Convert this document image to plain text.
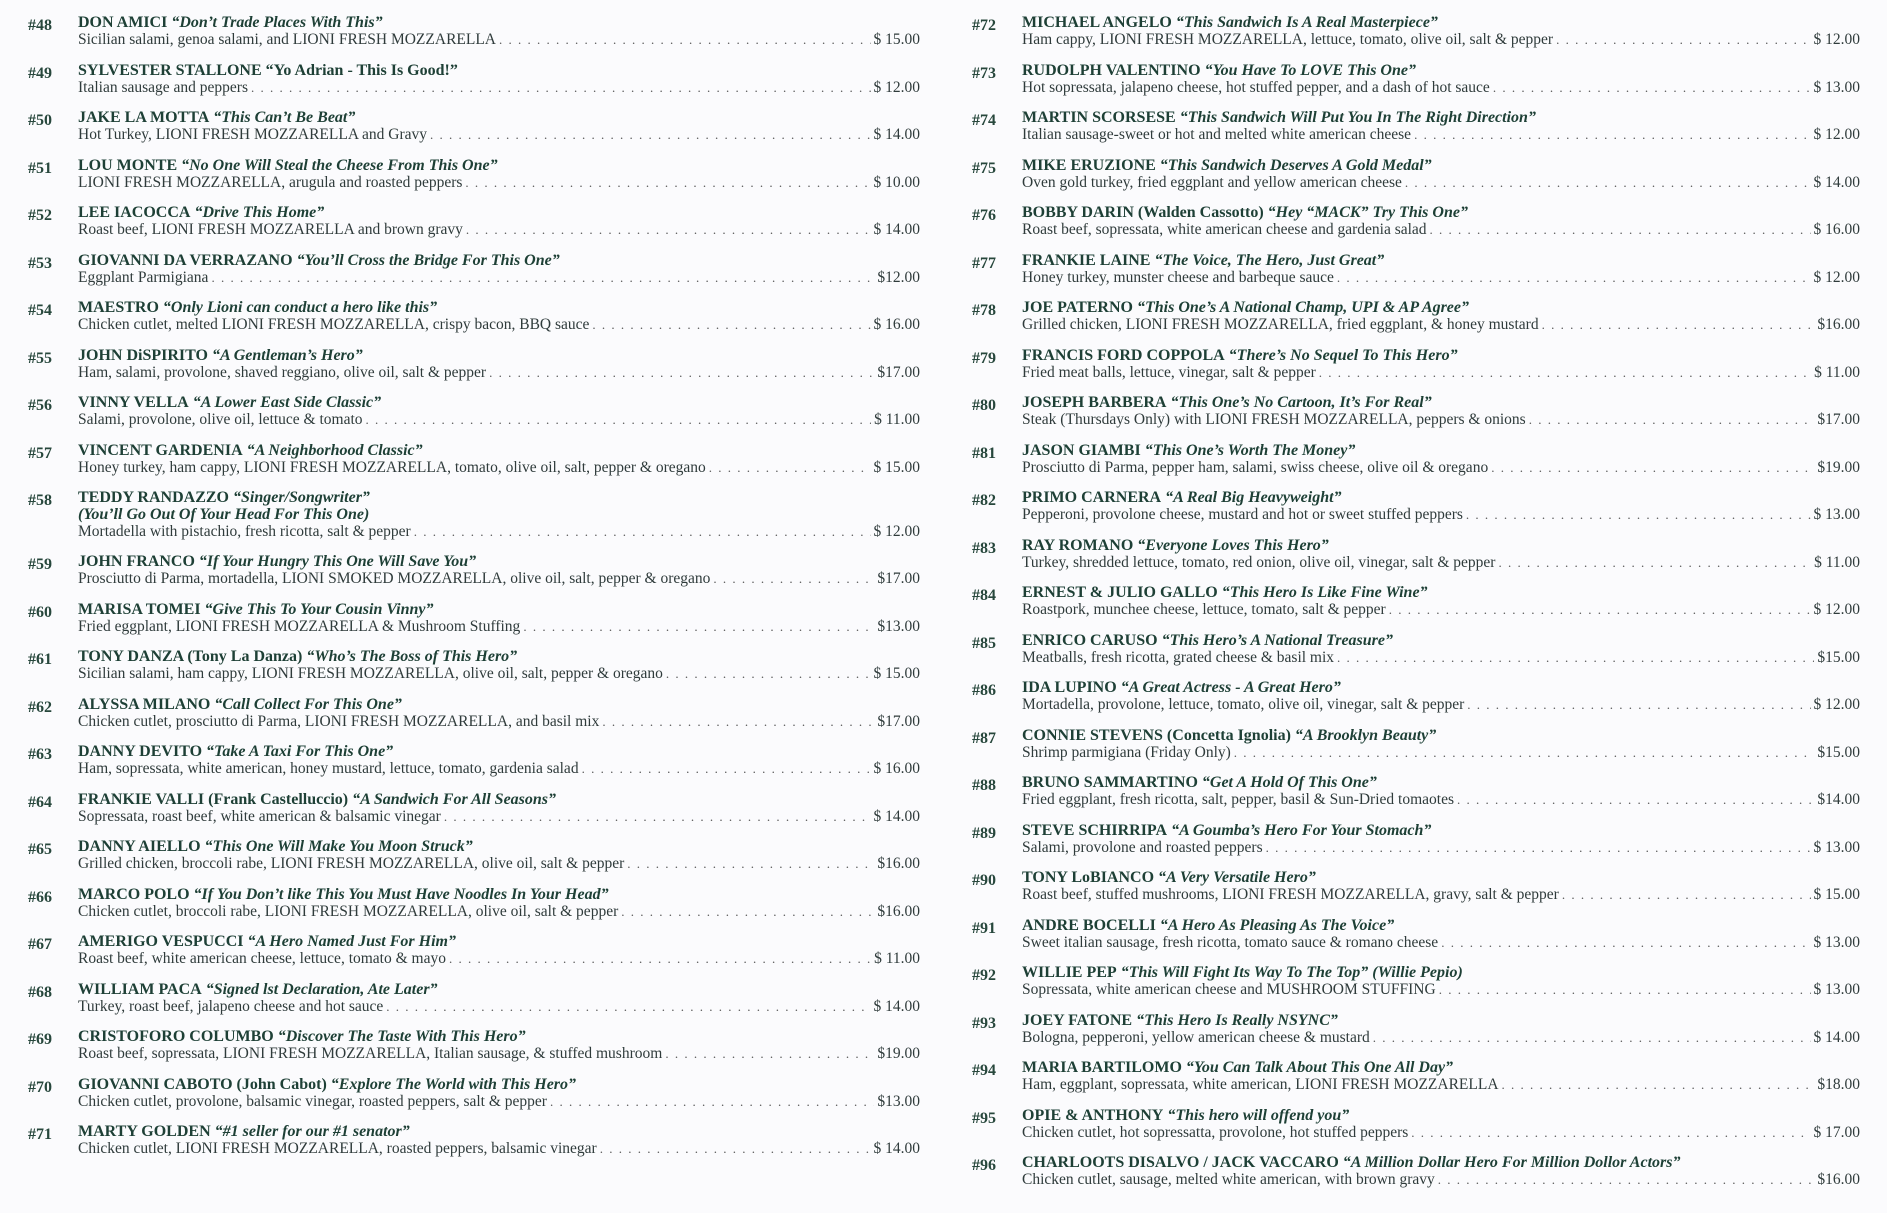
#48 DON AMICI “Don’t Trade Places With This”
Sicilian salami, genoa salami, and LIONI FRESH MOZZARELLA . . .	$ 15.00
#49 SYLVESTER STALLONE “Yo Adrian - This Is Good!”
Italian sausage and peppers . . .	$ 12.00
#50 JAKE LA MOTTA “This Can’t Be Beat”
Hot Turkey, LIONI FRESH MOZZARELLA and Gravy . . .	$ 14.00
#51 LOU MONTE “No One Will Steal the Cheese From This One”
LIONI FRESH MOZZARELLA, arugula and roasted peppers . . .	$ 10.00
#52 LEE IACOCCA “Drive This Home”
Roast beef, LIONI FRESH MOZZARELLA and brown gravy . . .	$ 14.00
#53 GIOVANNI DA VERRAZANO “You’ll Cross the Bridge For This One”
Eggplant Parmigiana . . .	$12.00
#54 MAESTRO “Only Lioni can conduct a hero like this”
Chicken cutlet, melted LIONI FRESH MOZZARELLA, crispy bacon, BBQ sauce . . .	$ 16.00
#55 JOHN DiSPIRITO “A Gentleman’s Hero”
Ham, salami, provolone, shaved reggiano, olive oil, salt & pepper . . .	$17.00
#56 VINNY VELLA “A Lower East Side Classic”
Salami, provolone, olive oil, lettuce & tomato . . .	$ 11.00
#57 VINCENT GARDENIA “A Neighborhood Classic”
Honey turkey, ham cappy, LIONI FRESH MOZZARELLA, tomato, olive oil, salt, pepper & oregano . . .	$ 15.00
#58 TEDDY RANDAZZO “Singer/Songwriter”
(You’ll Go Out Of Your Head For This One)
Mortadella with pistachio, fresh ricotta, salt & pepper . . .	$ 12.00
#59 JOHN FRANCO “If Your Hungry This One Will Save You”
Prosciutto di Parma, mortadella, LIONI SMOKED MOZZARELLA, olive oil, salt, pepper & oregano . . .	$17.00
#60 MARISA TOMEI “Give This To Your Cousin Vinny”
Fried eggplant, LIONI FRESH MOZZARELLA & Mushroom Stuffing . . .	$13.00
#61 TONY DANZA (Tony La Danza) “Who’s The Boss of This Hero”
Sicilian salami, ham cappy, LIONI FRESH MOZZARELLA, olive oil, salt, pepper & oregano . . .	$ 15.00
#62 ALYSSA MILANO “Call Collect For This One”
Chicken cutlet, prosciutto di Parma, LIONI FRESH MOZZARELLA, and basil mix . . .	$17.00
#63 DANNY DEVITO “Take A Taxi For This One”
Ham, sopressata, white american, honey mustard, lettuce, tomato, gardenia salad . . .	$ 16.00
#64 FRANKIE VALLI (Frank Castelluccio) “A Sandwich For All Seasons”
Sopressata, roast beef, white american & balsamic vinegar . . .	$ 14.00
#65 DANNY AIELLO “This One Will Make You Moon Struck”
Grilled chicken, broccoli rabe, LIONI FRESH MOZZARELLA, olive oil, salt & pepper . . .	$16.00
#66 MARCO POLO “If You Don’t like This You Must Have Noodles In Your Head”
Chicken cutlet, broccoli rabe, LIONI FRESH MOZZARELLA, olive oil, salt & pepper . . .	$16.00
#67 AMERIGO VESPUCCI “A Hero Named Just For Him”
Roast beef, white american cheese, lettuce, tomato & mayo . . .	$ 11.00
#68 WILLIAM PACA “Signed lst Declaration, Ate Later”
Turkey, roast beef, jalapeno cheese and hot sauce . . .	$ 14.00
#69 CRISTOFORO COLUMBO “Discover The Taste With This Hero”
Roast beef, sopressata, LIONI FRESH MOZZARELLA, Italian sausage, & stuffed mushroom . . .	$19.00
#70 GIOVANNI CABOTO (John Cabot) “Explore The World with This Hero”
Chicken cutlet, provolone, balsamic vinegar, roasted peppers, salt & pepper . . .	$13.00
#71 MARTY GOLDEN “#1 seller for our #1 senator”
Chicken cutlet, LIONI FRESH MOZZARELLA, roasted peppers, balsamic vinegar . . .	$ 14.00
#72 MICHAEL ANGELO “This Sandwich Is A Real Masterpiece”
Ham cappy, LIONI FRESH MOZZARELLA, lettuce, tomato, olive oil, salt & pepper . . .	$ 12.00
#73 RUDOLPH VALENTINO “You Have To LOVE This One”
Hot sopressata, jalapeno cheese, hot stuffed pepper, and a dash of hot sauce . . .	$ 13.00
#74 MARTIN SCORSESE “This Sandwich Will Put You In The Right Direction”
Italian sausage-sweet or hot and melted white american cheese . . .	$ 12.00
#75 MIKE ERUZIONE “This Sandwich Deserves A Gold Medal”
Oven gold turkey, fried eggplant and yellow american cheese . . .	$ 14.00
#76 BOBBY DARIN (Walden Cassotto) “Hey “MACK” Try This One”
Roast beef, sopressata, white american cheese and gardenia salad . . .	$ 16.00
#77 FRANKIE LAINE “The Voice, The Hero, Just Great”
Honey turkey, munster cheese and barbeque sauce . . .	$ 12.00
#78 JOE PATERNO “This One’s A National Champ, UPI & AP Agree”
Grilled chicken, LIONI FRESH MOZZARELLA, fried eggplant, & honey mustard . . .	$16.00
#79 FRANCIS FORD COPPOLA “There’s No Sequel To This Hero”
Fried meat balls, lettuce, vinegar, salt & pepper . . .	$ 11.00
#80 JOSEPH BARBERA “This One’s No Cartoon, It’s For Real”
Steak (Thursdays Only) with LIONI FRESH MOZZARELLA, peppers & onions . . .	$17.00
#81 JASON GIAMBI “This One’s Worth The Money”
Prosciutto di Parma, pepper ham, salami, swiss cheese, olive oil & oregano . . .	$19.00
#82 PRIMO CARNERA “A Real Big Heavyweight”
Pepperoni, provolone cheese, mustard and hot or sweet stuffed peppers . . .	$ 13.00
#83 RAY ROMANO “Everyone Loves This Hero”
Turkey, shredded lettuce, tomato, red onion, olive oil, vinegar, salt & pepper . . .	$ 11.00
#84 ERNEST & JULIO GALLO “This Hero Is Like Fine Wine”
Roastpork, munchee cheese, lettuce, tomato, salt & pepper . . .	$ 12.00
#85 ENRICO CARUSO “This Hero’s A National Treasure”
Meatballs, fresh ricotta, grated cheese & basil mix . . .	$15.00
#86 IDA LUPINO “A Great Actress - A Great Hero”
Mortadella, provolone, lettuce, tomato, olive oil, vinegar, salt & pepper . . .	$ 12.00
#87 CONNIE STEVENS (Concetta Ignolia) “A Brooklyn Beauty”
Shrimp parmigiana (Friday Only) . . .	$15.00
#88 BRUNO SAMMARTINO “Get A Hold Of This One”
Fried eggplant, fresh ricotta, salt, pepper, basil & Sun-Dried tomaotes . . .	$14.00
#89 STEVE SCHIRRIPA “A Goumba’s Hero For Your Stomach”
Salami, provolone and roasted peppers . . .	$ 13.00
#90 TONY LoBIANCO “A Very Versatile Hero”
Roast beef, stuffed mushrooms, LIONI FRESH MOZZARELLA, gravy, salt & pepper . . .	$ 15.00
#91 ANDRE BOCELLI “A Hero As Pleasing As The Voice”
Sweet italian sausage, fresh ricotta, tomato sauce & romano cheese . . .	$ 13.00
#92 WILLIE PEP “This Will Fight Its Way To The Top” (Willie Pepio)
Sopressata, white american cheese and MUSHROOM STUFFING . . .	$ 13.00
#93 JOEY FATONE “This Hero Is Really NSYNC”
Bologna, pepperoni, yellow american cheese & mustard . . .	$ 14.00
#94 MARIA BARTILOMO “You Can Talk About This One All Day”
Ham, eggplant, sopressata, white american, LIONI FRESH MOZZARELLA . . .	$18.00
#95 OPIE & ANTHONY “This hero will offend you”
Chicken cutlet, hot sopressatta, provolone, hot stuffed peppers . . .	$ 17.00
#96 CHARLOOTS DISALVO / JACK VACCARO “A Million Dollar Hero For Million Dollor Actors”
Chicken cutlet, sausage, melted white american, with brown gravy . . .	$16.00
